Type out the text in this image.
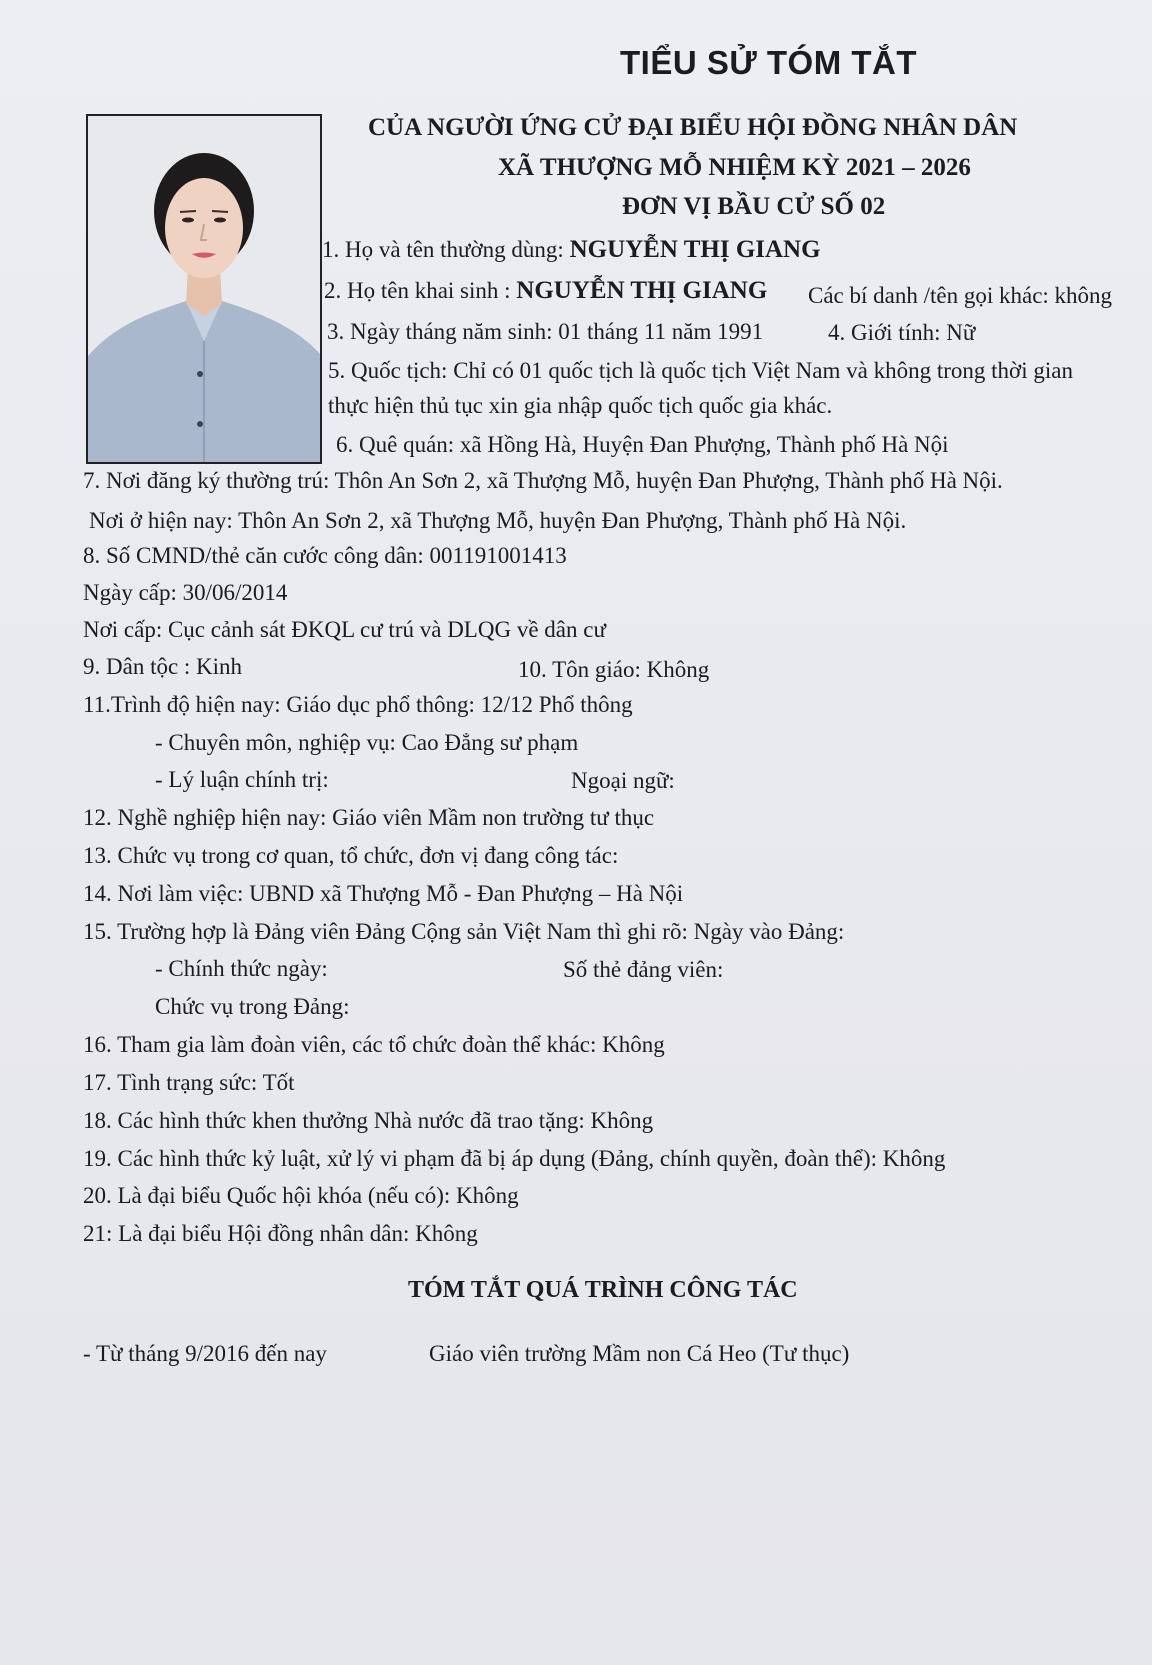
TIỂU SỬ TÓM TẮT
CỦA NGƯỜI ỨNG CỬ ĐẠI BIỂU HỘI ĐỒNG NHÂN DÂN
XÃ THƯỢNG MỖ NHIỆM KỲ 2021 – 2026
ĐƠN VỊ BẦU CỬ SỐ 02
1. Họ và tên thường dùng: NGUYỄN THỊ GIANG
2. Họ tên khai sinh : NGUYỄN THỊ GIANG Các bí danh /tên gọi khác: không
3. Ngày tháng năm sinh: 01 tháng 11 năm 1991	4. Giới tính: Nữ
5. Quốc tịch: Chỉ có 01 quốc tịch là quốc tịch Việt Nam và không trong thời gian
thực hiện thủ tục xin gia nhập quốc tịch quốc gia khác.
6. Quê quán: xã Hồng Hà, Huyện Đan Phượng, Thành phố Hà Nội
7. Nơi đăng ký thường trú: Thôn An Sơn 2, xã Thượng Mỗ, huyện Đan Phượng, Thành phố Hà Nội.
Nơi ở hiện nay: Thôn An Sơn 2, xã Thượng Mỗ, huyện Đan Phượng, Thành phố Hà Nội.
8. Số CMND/thẻ căn cước công dân: 001191001413
Ngày cấp: 30/06/2014
Nơi cấp: Cục cảnh sát ĐKQL cư trú và DLQG về dân cư
9. Dân tộc : Kinh	10. Tôn giáo: Không
11.Trình độ hiện nay: Giáo dục phổ thông: 12/12 Phổ thông
- Chuyên môn, nghiệp vụ: Cao Đẳng sư phạm
- Lý luận chính trị:	Ngoại ngữ:
12. Nghề nghiệp hiện nay: Giáo viên Mầm non trường tư thục
13. Chức vụ trong cơ quan, tổ chức, đơn vị đang công tác:
14. Nơi làm việc: UBND xã Thượng Mỗ - Đan Phượng – Hà Nội
15. Trường hợp là Đảng viên Đảng Cộng sản Việt Nam thì ghi rõ: Ngày vào Đảng:
- Chính thức ngày:	Số thẻ đảng viên:
Chức vụ trong Đảng:
16. Tham gia làm đoàn viên, các tổ chức đoàn thể khác: Không
17. Tình trạng sức: Tốt
18. Các hình thức khen thưởng Nhà nước đã trao tặng: Không
19. Các hình thức kỷ luật, xử lý vi phạm đã bị áp dụng (Đảng, chính quyền, đoàn thể): Không
20. Là đại biểu Quốc hội khóa (nếu có): Không
21: Là đại biểu Hội đồng nhân dân: Không
TÓM TẮT QUÁ TRÌNH CÔNG TÁC
- Từ tháng 9/2016 đến nay	Giáo viên trường Mầm non Cá Heo (Tư thục)
